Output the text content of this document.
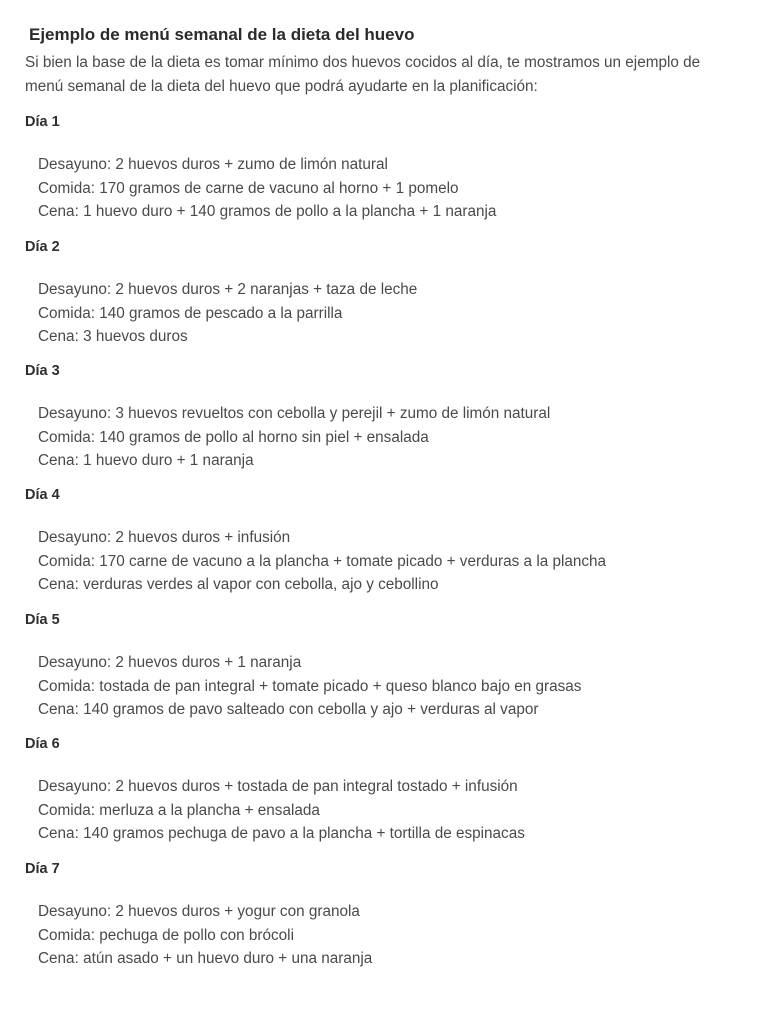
Ejemplo de menú semanal de la dieta del huevo

Si bien la base de la dieta es tomar mínimo dos huevos cocidos al día, te mostramos un ejemplo de menú semanal de la dieta del huevo que podrá ayudarte en la planificación:

Día 1
Desayuno: 2 huevos duros + zumo de limón natural
Comida: 170 gramos de carne de vacuno al horno + 1 pomelo
Cena: 1 huevo duro + 140 gramos de pollo a la plancha + 1 naranja
Día 2
Desayuno: 2 huevos duros + 2 naranjas + taza de leche
Comida: 140 gramos de pescado a la parrilla
Cena: 3 huevos duros
Día 3
Desayuno: 3 huevos revueltos con cebolla y perejil + zumo de limón natural
Comida: 140 gramos de pollo al horno sin piel + ensalada
Cena: 1 huevo duro + 1 naranja
Día 4
Desayuno: 2 huevos duros + infusión
Comida: 170 carne de vacuno a la plancha + tomate picado + verduras a la plancha
Cena: verduras verdes al vapor con cebolla, ajo y cebollino
Día 5
Desayuno: 2 huevos duros + 1 naranja
Comida: tostada de pan integral + tomate picado + queso blanco bajo en grasas
Cena: 140 gramos de pavo salteado con cebolla y ajo + verduras al vapor
Día 6
Desayuno: 2 huevos duros + tostada de pan integral tostado + infusión
Comida: merluza a la plancha + ensalada
Cena: 140 gramos pechuga de pavo a la plancha + tortilla de espinacas
Día 7
Desayuno: 2 huevos duros + yogur con granola
Comida: pechuga de pollo con brócoli
Cena: atún asado + un huevo duro + una naranja
